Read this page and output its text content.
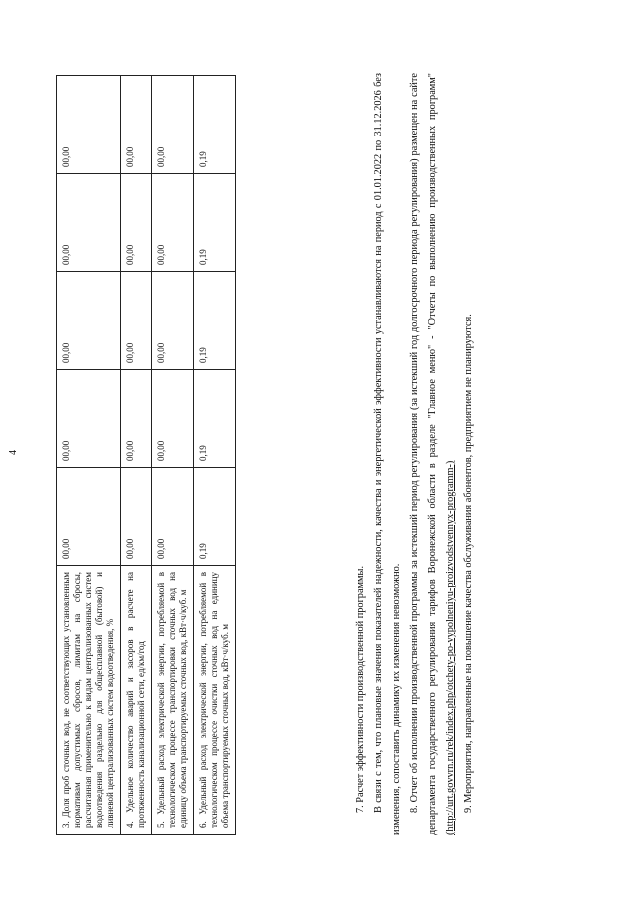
4
3. Доля проб сточных вод, не соответствующих установленным нормативам допустимых сбросов, лимитам на сбросы, рассчитанная применительно к видам централизованных систем водоотведения раздельно для общесплавной (бытовой) и ливневой централизованных систем водоотведения, %	00,00	00,00	00,00	00,00	00,00
4. Удельное количество аварий и засоров в расчете на протяженность канализационной сети, ед/км/год	00,00	00,00	00,00	00,00	00,00
5. Удельный расход электрической энергии, потребляемой в технологическом процессе транспортировки сточных вод на единицу объема транспортируемых сточных вод, кВт·ч/куб. м	00,00	00,00	00,00	00,00	00,00
6. Удельный расход электрической энергии, потребляемой в технологическом процессе очистки сточных вод на единицу объема транспортируемых сточных вод, кВт·ч/куб. м	0,19	0,19	0,19	0,19	0,19

7. Расчет эффективности производственной программы. В связи с тем, что плановые значения показателей надежности, качества и энергетической эффективности устанавливаются на период с 01.01.2022 по 31.12.2026 без изменения, сопоставить динамику их изменения невозможно. 8. Отчет об исполнении производственной программы за истекший период регулирования (за истекший год долгосрочного периода регулирования) размещен на сайте департамента государственного регулирования тарифов Воронежской области в разделе "Главное меню" - "Отчеты по выполнению производственных программ" (http://urt.govvrn.ru/rek/index.php/otchety-po-vypolneniyu-proizvodstvennyx-programm-) 9. Мероприятия, направленные на повышение качества обслуживания абонентов, предприятием не планируются.
